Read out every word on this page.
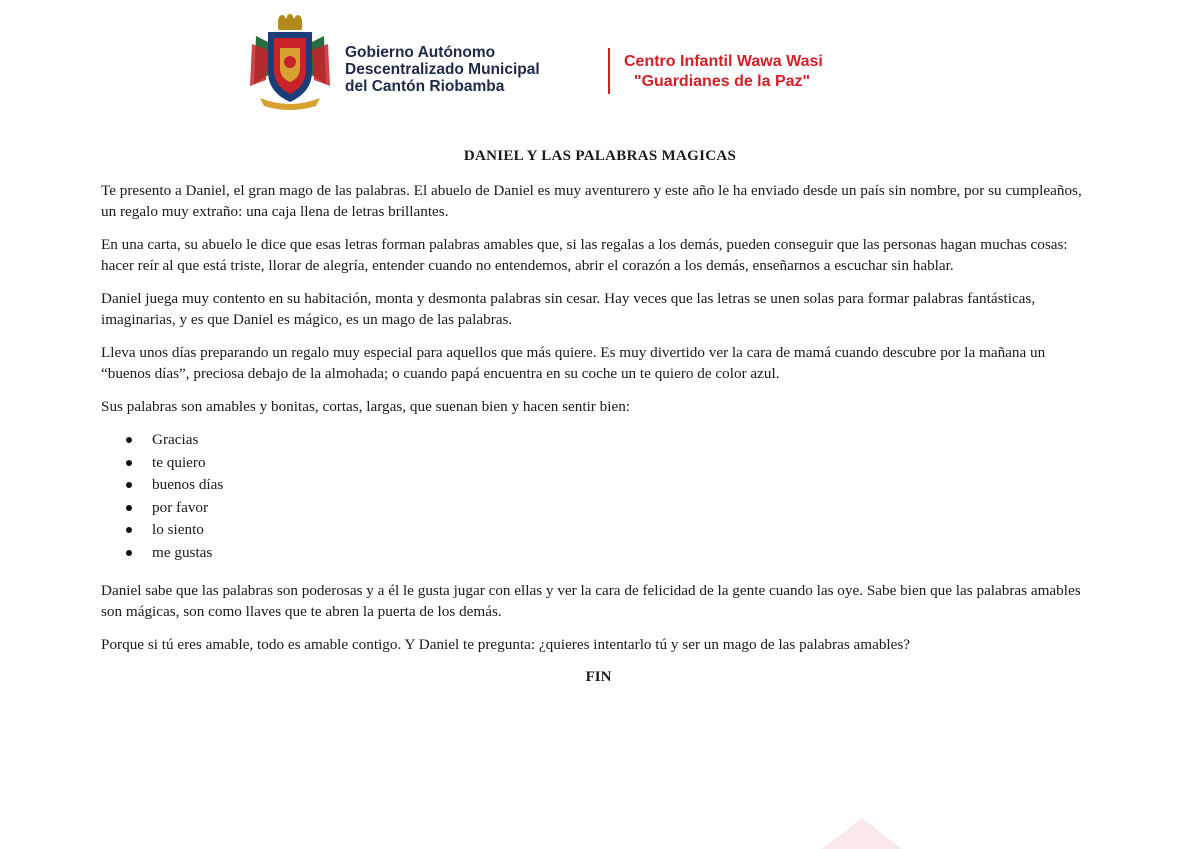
Gobierno Autónomo
Descentralizado Municipal
del Cantón Riobamba
Centro Infantil Wawa Wasi
"Guardianes de la Paz"
DANIEL Y LAS PALABRAS MAGICAS

Te presento a Daniel, el gran mago de las palabras. El abuelo de Daniel es muy aventurero y este año le ha enviado desde un país sin nombre, por su cumpleaños, un regalo muy extraño: una caja llena de letras brillantes.

En una carta, su abuelo le dice que esas letras forman palabras amables que, si las regalas a los demás, pueden conseguir que las personas hagan muchas cosas: hacer reír al que está triste, llorar de alegría, entender cuando no entendemos, abrir el corazón a los demás, enseñarnos a escuchar sin hablar.

Daniel juega muy contento en su habitación, monta y desmonta palabras sin cesar. Hay veces que las letras se unen solas para formar palabras fantásticas, imaginarias, y es que Daniel es mágico, es un mago de las palabras.

Lleva unos días preparando un regalo muy especial para aquellos que más quiere. Es muy divertido ver la cara de mamá cuando descubre por la mañana un “buenos días”, preciosa debajo de la almohada; o cuando papá encuentra en su coche un te quiero de color azul.

Sus palabras son amables y bonitas, cortas, largas, que suenan bien y hacen sentir bien:

Gracias
te quiero
buenos días
por favor
lo siento
me gustas

Daniel sabe que las palabras son poderosas y a él le gusta jugar con ellas y ver la cara de felicidad de la gente cuando las oye. Sabe bien que las palabras amables son mágicas, son como llaves que te abren la puerta de los demás.

Porque si tú eres amable, todo es amable contigo. Y Daniel te pregunta: ¿quieres intentarlo tú y ser un mago de las palabras amables?

FIN
